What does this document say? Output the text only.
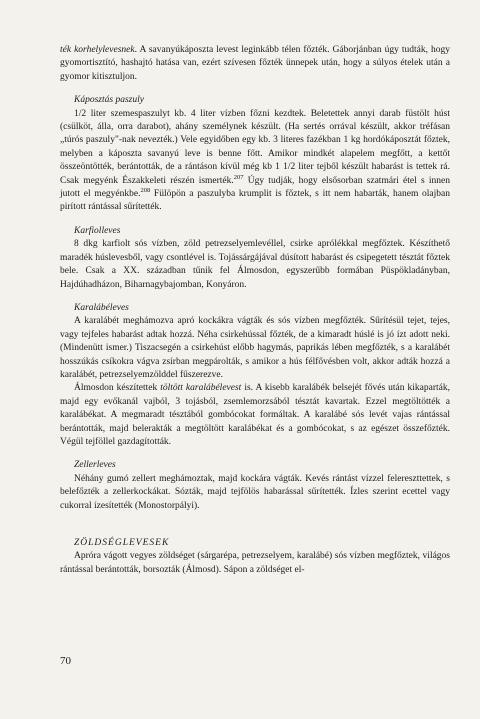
ték korhelylevesnek. A savanyúkáposzta levest leginkább télen főzték. Gáborjánban úgy tudták, hogy gyomortisztító, hashajtó hatása van, ezért szívesen főzték ünnepek után, hogy a súlyos ételek után a gyomor kitisztuljon.

Káposztás paszuly

1/2 liter szemespaszulyt kb. 4 liter vízben főzni kezdtek. Beletettek annyi darab füstölt húst (csülköt, álla, orra darabot), ahány személynek készült. (Ha sertés orrával készült, akkor tréfásan „túrós paszuly"-nak nevezték.) Vele egyidőben egy kb. 3 literes fazékban 1 kg hordókáposztát főztek, melyben a káposzta savanyú leve is benne főtt. Amikor mindkét alapelem megfőtt, a kettőt összeöntötték, berántották, de a rántáson kívül még kb 1 1/2 liter tejből készült habarást is tettek rá. Csak megyénk Északkeleti részén ismerték.$^{207}$ Úgy tudják, hogy elsősorban szatmári étel s innen jutott el megyénkbe.$^{208}$ Fülöpön a paszulyba krumplit is főztek, s itt nem habarták, hanem olajban pirított rántással sűrítették.

Karfiolleves

8 dkg karfiolt sós vízben, zöld petrezselyemlevéllel, csirke aprólékkal megfőztek. Készíthető maradék húslevesből, vagy csontlével is. Tojássárgájával dúsított habarást és csipegetett tésztát főztek bele. Csak a XX. században tűnik fel Álmosdon, egyszerűbb formában Püspökladányban, Hajdúhadházon, Biharnagybajomban, Konyáron.

Karalábéleves

A karalábét meghámozva apró kockákra vágták és sós vízben megfőzték. Sűrítésül tejet, tejes, vagy tejfeles habarást adtak hozzá. Néha csirkehússal főzték, de a kimaradt húslé is jó ízt adott neki. (Mindenütt ismer.) Tiszacsegén a csirkehúst előbb hagymás, paprikás lében megfőzték, s a karalábét hosszúkás csíkokra vágva zsírban megpárolták, s amikor a hús félfővésben volt, akkor adták hozzá a karalábét, petrezselyemzölddel fűszerezve.

Álmosdon készítettek töltött karalábélevest is. A kisebb karalábék belsejét fővés után kikaparták, majd egy evőkanál vajból, 3 tojásból, zsemlemorzsából tésztát kavartak. Ezzel megtöltötték a karalábékat. A megmaradt tésztából gombócokat formáltak. A karalábé sós levét vajas rántással berántották, majd belerakták a megtöltött karalábékat és a gombócokat, s az egészet összefőzték. Végül tejföllel gazdagították.

Zellerleves

Néhány gumó zellert meghámoztak, majd kockára vágták. Kevés rántást vízzel felereszttettek, s belefőzték a zellerkockákat. Sózták, majd tejfölös habarással sűrítették. Ízles szerint ecettel vagy cukorral ízesítették (Monostorpályi).

ZÖLDSÉGLEVESEK

Apróra vágott vegyes zöldséget (sárgarépa, petrezselyem, karalábé) sós vízben megfőztek, világos rántással berántották, borsozták (Álmosd). Sápon a zöldséget el-

70
